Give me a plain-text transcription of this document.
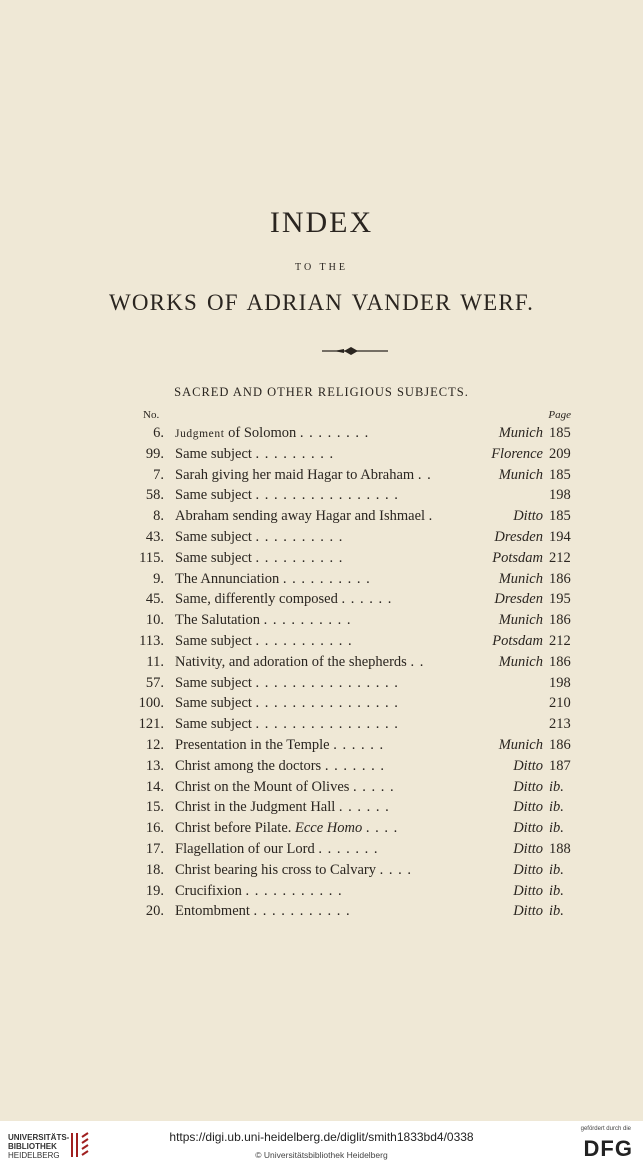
INDEX
TO THE
WORKS OF ADRIAN VANDER WERF.
SACRED AND OTHER RELIGIOUS SUBJECTS.
No.	Page
6. Judgment of Solomon . . . . . . . .	Munich 185
99. Same subject . . . . . . . . .	Florence 209
7. Sarah giving her maid Hagar to Abraham . .	Munich 185
58. Same subject . . . . . . . . . . . . . . . .	198
8. Abraham sending away Hagar and Ishmael .	Ditto 185
43. Same subject . . . . . . . . . .	Dresden 194
115. Same subject . . . . . . . . . .	Potsdam 212
9. The Annunciation . . . . . . . . . .	Munich 186
45. Same, differently composed . . . . . .	Dresden 195
10. The Salutation . . . . . . . . . .	Munich 186
113. Same subject . . . . . . . . . . .	Potsdam 212
11. Nativity, and adoration of the shepherds . .	Munich 186
57. Same subject . . . . . . . . . . . . . . . .	198
100. Same subject . . . . . . . . . . . . . . . .	210
121. Same subject . . . . . . . . . . . . . . . .	213
12. Presentation in the Temple . . . . . .	Munich 186
13. Christ among the doctors . . . . . . .	Ditto 187
14. Christ on the Mount of Olives . . . . .	Ditto ib.
15. Christ in the Judgment Hall . . . . . .	Ditto ib.
16. Christ before Pilate. Ecce Homo . . . .	Ditto ib.
17. Flagellation of our Lord . . . . . . .	Ditto 188
18. Christ bearing his cross to Calvary . . . .	Ditto ib.
19. Crucifixion . . . . . . . . . . .	Ditto ib.
20. Entombment . . . . . . . . . . .	Ditto ib.
UNIVERSITÄTS-
BIBLIOTHEK
HEIDELBERG
https://digi.ub.uni-heidelberg.de/diglit/smith1833bd4/0338
© Universitätsbibliothek Heidelberg
gefördert durch die
DFG
